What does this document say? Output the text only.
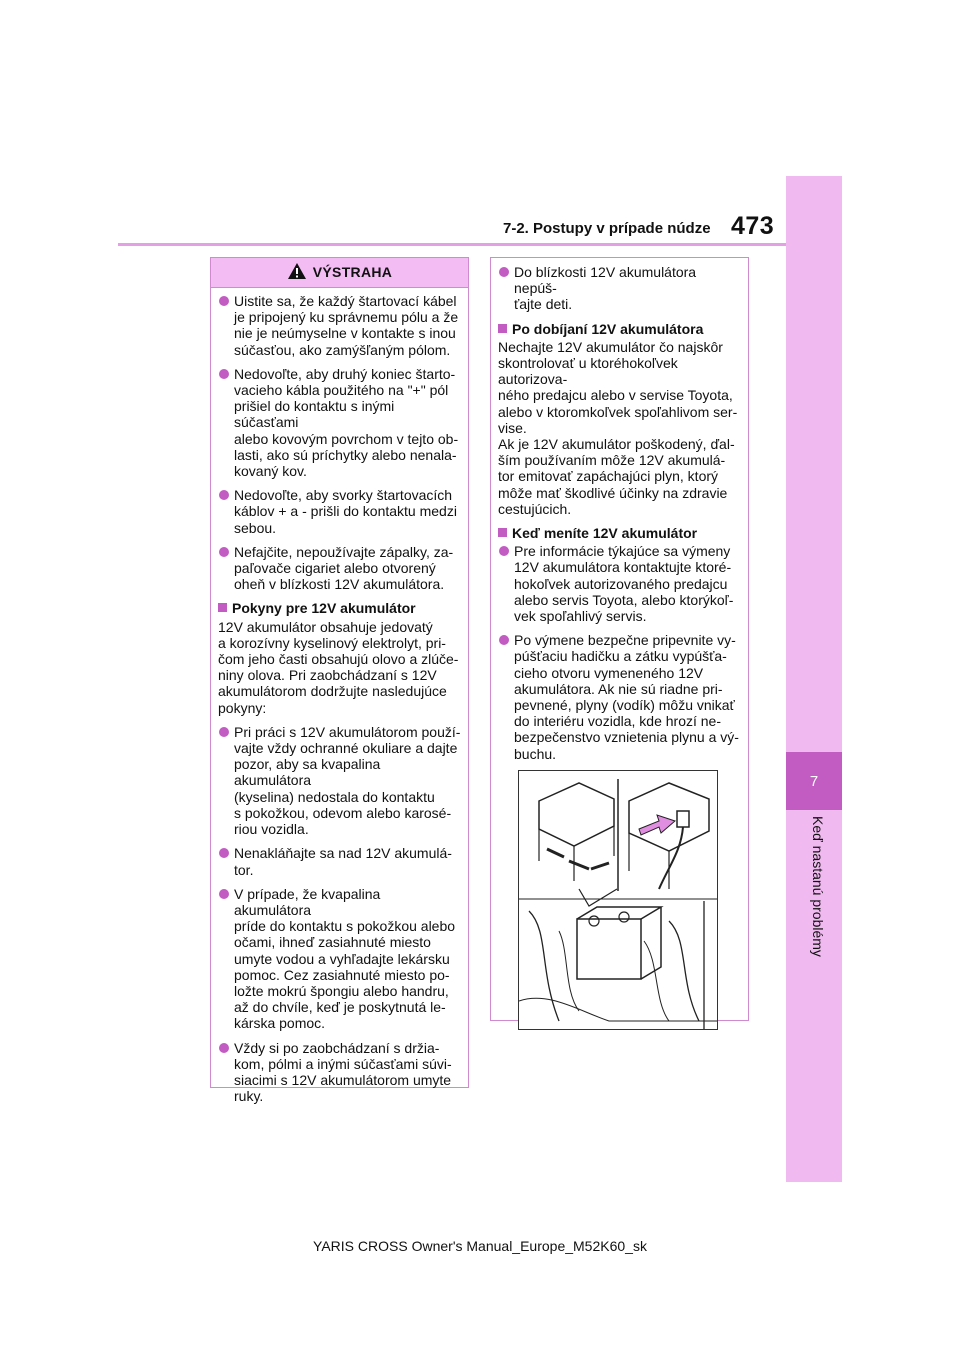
7
Keď nastanú problémy
7-2. Postupy v prípade núdze 473
VÝSTRAHA
Uistite sa, že každý štartovací kábel
je pripojený ku správnemu pólu a že
nie je neúmyselne v kontakte s inou
súčasťou, ako zamýšľaným pólom.
Nedovoľte, aby druhý koniec štarto-
vacieho kábla použitého na "+" pól
prišiel do kontaktu s inými súčasťami
alebo kovovým povrchom v tejto ob-
lasti, ako sú príchytky alebo nenala-
kovaný kov.
Nedovoľte, aby svorky štartovacích
káblov + a - prišli do kontaktu medzi
sebou.
Nefajčite, nepoužívajte zápalky, za-
paľovače cigariet alebo otvorený
oheň v blízkosti 12V akumulátora.
Pokyny pre 12V akumulátor
12V akumulátor obsahuje jedovatý
a korozívny kyselinový elektrolyt, pri-
čom jeho časti obsahujú olovo a zlúče-
niny olova. Pri zaobchádzaní s 12V
akumulátorom dodržujte nasledujúce
pokyny:
Pri práci s 12V akumulátorom použí-
vajte vždy ochranné okuliare a dajte
pozor, aby sa kvapalina akumulátora
(kyselina) nedostala do kontaktu
s pokožkou, odevom alebo karosé-
riou vozidla.
Nenakláňajte sa nad 12V akumulá-
tor.
V prípade, že kvapalina akumulátora
príde do kontaktu s pokožkou alebo
očami, ihneď zasiahnuté miesto
umyte vodou a vyhľadajte lekársku
pomoc. Cez zasiahnuté miesto po-
ložte mokrú špongiu alebo handru,
až do chvíle, keď je poskytnutá le-
kárska pomoc.
Vždy si po zaobchádzaní s držia-
kom, pólmi a inými súčasťami súvi-
siacimi s 12V akumulátorom umyte
ruky.
Do blízkosti 12V akumulátora nepúš-
ťajte deti.
Po dobíjaní 12V akumulátora
Nechajte 12V akumulátor čo najskôr
skontrolovať u ktoréhokoľvek autorizova-
ného predajcu alebo v servise Toyota,
alebo v ktoromkoľvek spoľahlivom ser-
vise.
Ak je 12V akumulátor poškodený, ďal-
ším používaním môže 12V akumulá-
tor emitovať zapáchajúci plyn, ktorý
môže mať škodlivé účinky na zdravie
cestujúcich.
Keď meníte 12V akumulátor
Pre informácie týkajúce sa výmeny
12V akumulátora kontaktujte ktoré-
hokoľvek autorizovaného predajcu
alebo servis Toyota, alebo ktorýkoľ-
vek spoľahlivý servis.
Po výmene bezpečne pripevnite vy-
púšťaciu hadičku a zátku vypúšťa-
cieho otvoru vymeneného 12V
akumulátora. Ak nie sú riadne pri-
pevnené, plyny (vodík) môžu vnikať
do interiéru vozidla, kde hrozí ne-
bezpečenstvo vznietenia plynu a vý-
buchu.
YARIS CROSS Owner's Manual_Europe_M52K60_sk
